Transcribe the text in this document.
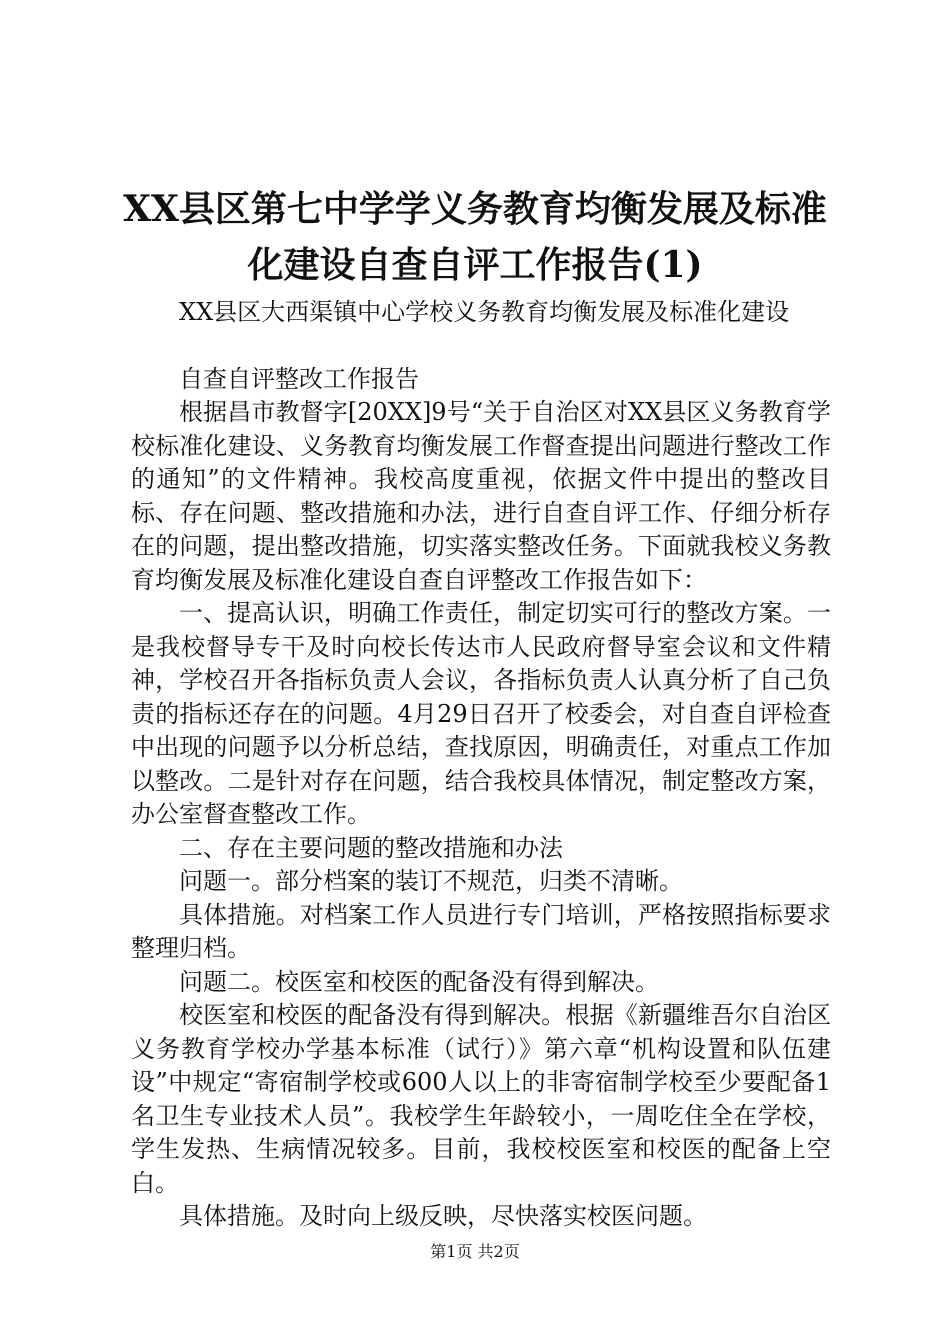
XX县区第七中学学义务教育均衡发展及标准
化建设自查自评工作报告(1)

XX县区大西渠镇中心学校义务教育均衡发展及标准化建设

自查自评整改工作报告

根据昌市教督字[20XX]9号“关于自治区对XX县区义务教育学校标准化建设、义务教育均衡发展工作督查提出问题进行整改工作的通知”的文件精神。我校高度重视，依据文件中提出的整改目标、存在问题、整改措施和办法，进行自查自评工作、仔细分析存在的问题，提出整改措施，切实落实整改任务。下面就我校义务教育均衡发展及标准化建设自查自评整改工作报告如下：

一、提高认识，明确工作责任，制定切实可行的整改方案。一是我校督导专干及时向校长传达市人民政府督导室会议和文件精神，学校召开各指标负责人会议，各指标负责人认真分析了自己负责的指标还存在的问题。4月29日召开了校委会，对自查自评检查中出现的问题予以分析总结，查找原因，明确责任，对重点工作加以整改。二是针对存在问题，结合我校具体情况，制定整改方案，办公室督查整改工作。

二、存在主要问题的整改措施和办法

问题一。部分档案的装订不规范，归类不清晰。

具体措施。对档案工作人员进行专门培训，严格按照指标要求整理归档。

问题二。校医室和校医的配备没有得到解决。

校医室和校医的配备没有得到解决。根据《新疆维吾尔自治区义务教育学校办学基本标准（试行）》第六章“机构设置和队伍建设”中规定“寄宿制学校或600人以上的非寄宿制学校至少要配备1名卫生专业技术人员”。我校学生年龄较小，一周吃住全在学校，学生发热、生病情况较多。目前，我校校医室和校医的配备上空白。

具体措施。及时向上级反映，尽快落实校医问题。

第1页 共2页
